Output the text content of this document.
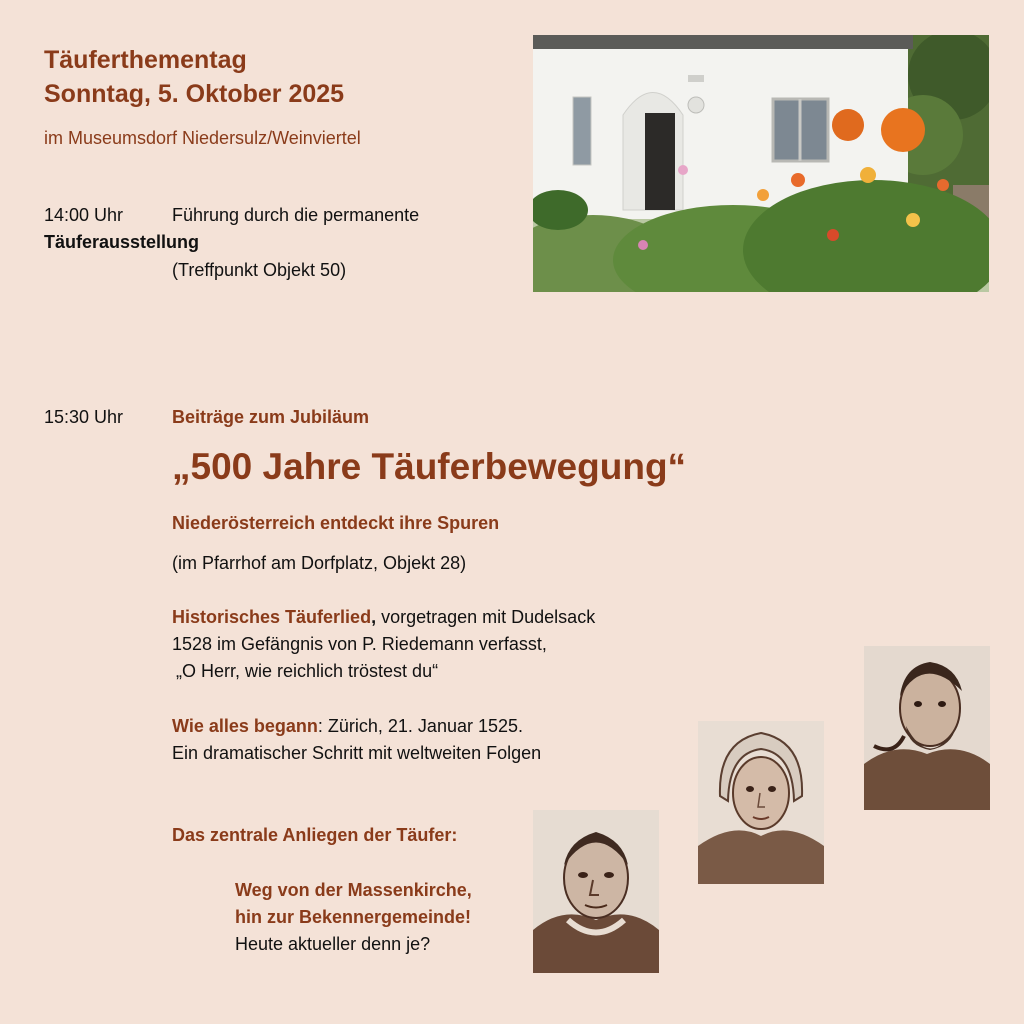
Täuferthementag
Sonntag, 5. Oktober 2025
im Museumsdorf Niedersulz/Weinviertel
14:00 Uhr	Führung durch die permanente
Täuferausstellung
(Treffpunkt Objekt 50)
15:30 Uhr	Beiträge zum Jubiläum
„500 Jahre Täuferbewegung“
Niederösterreich entdeckt ihre Spuren
(im Pfarrhof am Dorfplatz, Objekt 28)
Historisches Täuferlied, vorgetragen mit Dudelsack
1528 im Gefängnis von P. Riedemann verfasst,
„O Herr, wie reichlich tröstest du“
Wie alles begann: Zürich, 21. Januar 1525.
Ein dramatischer Schritt mit weltweiten Folgen
Das zentrale Anliegen der Täufer:
Weg von der Massenkirche,
hin zur Bekennergemeinde!
Heute aktueller denn je?
